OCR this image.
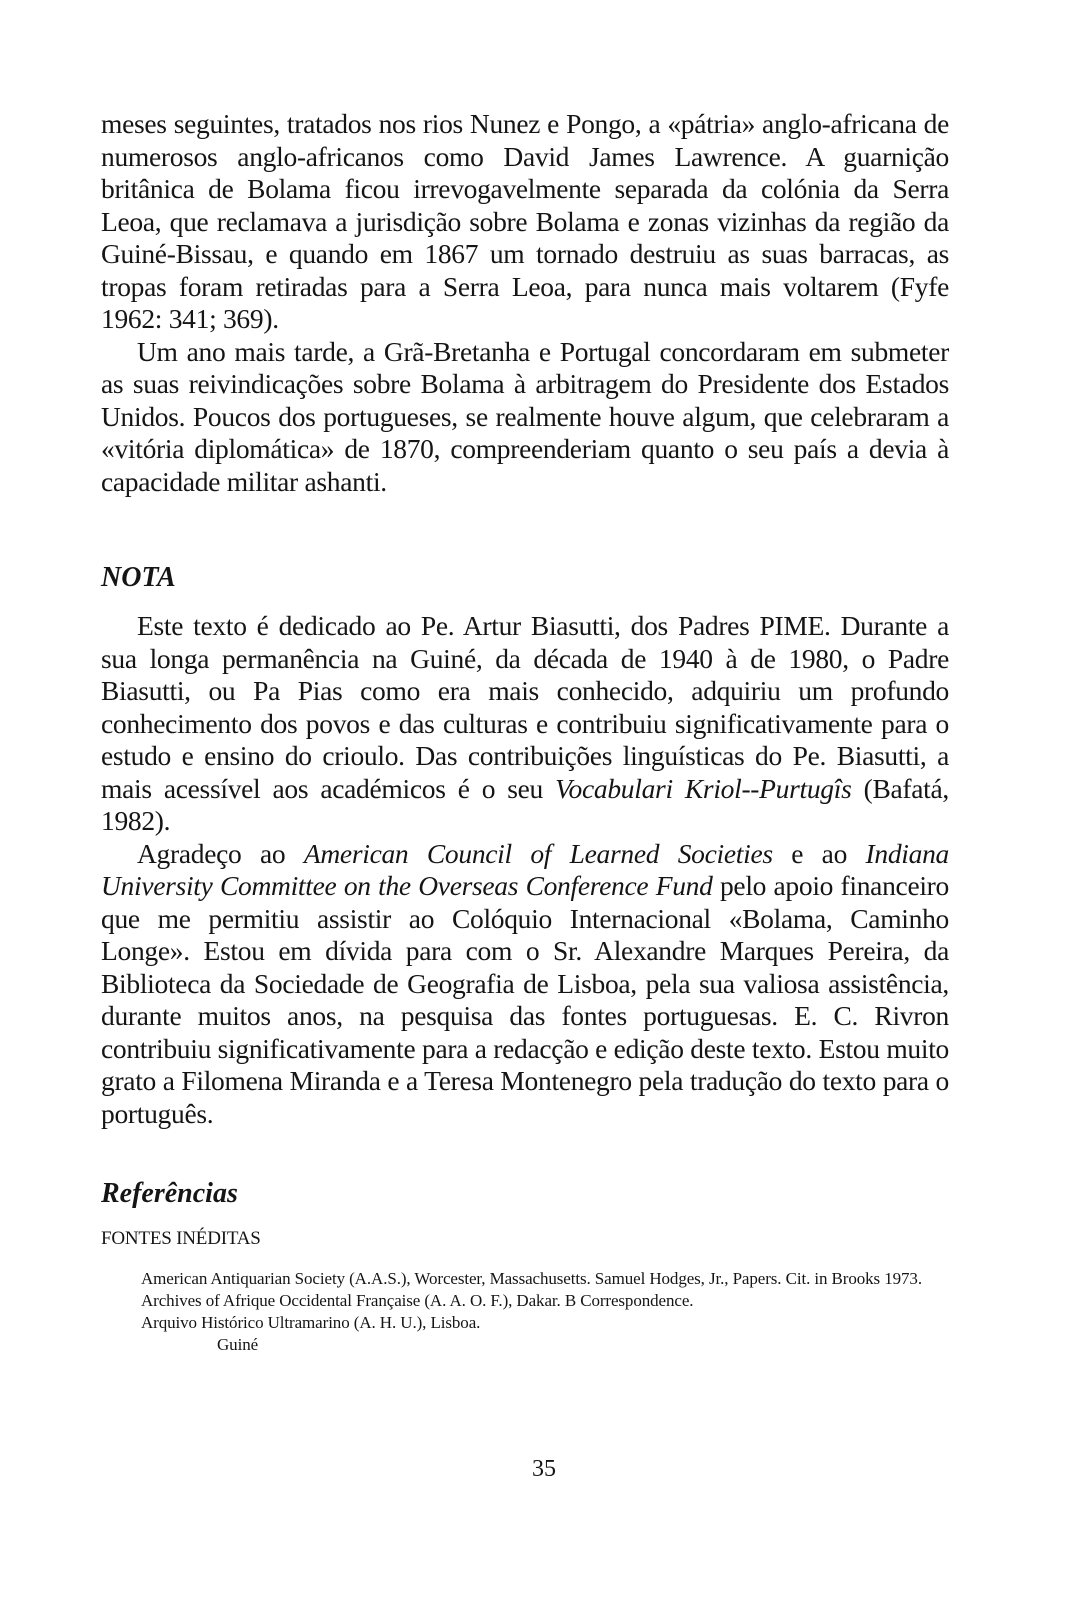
meses seguintes, tratados nos rios Nunez e Pongo, a «pátria» anglo-africana de numerosos anglo-africanos como David James Lawrence. A guarnição britânica de Bolama ficou irrevogavelmente separada da colónia da Serra Leoa, que reclamava a jurisdição sobre Bolama e zonas vizinhas da região da Guiné-Bissau, e quando em 1867 um tornado destruiu as suas barracas, as tropas foram retiradas para a Serra Leoa, para nunca mais voltarem (Fyfe 1962: 341; 369).

Um ano mais tarde, a Grã-Bretanha e Portugal concordaram em submeter as suas reivindicações sobre Bolama à arbitragem do Presidente dos Estados Unidos. Poucos dos portugueses, se realmente houve algum, que celebraram a «vitória diplomática» de 1870, compreenderiam quanto o seu país a devia à capacidade militar ashanti.

NOTA

Este texto é dedicado ao Pe. Artur Biasutti, dos Padres PIME. Durante a sua longa permanência na Guiné, da década de 1940 à de 1980, o Padre Biasutti, ou Pa Pias como era mais conhecido, adquiriu um profundo conhecimento dos povos e das culturas e contribuiu significativamente para o estudo e ensino do crioulo. Das contribuições linguísticas do Pe. Biasutti, a mais acessível aos académicos é o seu Vocabulari Kriol--Purtugîs (Bafatá, 1982).

Agradeço ao American Council of Learned Societies e ao Indiana University Committee on the Overseas Conference Fund pelo apoio financeiro que me permitiu assistir ao Colóquio Internacional «Bolama, Caminho Longe». Estou em dívida para com o Sr. Alexandre Marques Pereira, da Biblioteca da Sociedade de Geografia de Lisboa, pela sua valiosa assistência, durante muitos anos, na pesquisa das fontes portuguesas. E. C. Rivron contribuiu significativamente para a redacção e edição deste texto. Estou muito grato a Filomena Miranda e a Teresa Montenegro pela tradução do texto para o português.

Referências
FONTES INÉDITAS

American Antiquarian Society (A.A.S.), Worcester, Massachusetts. Samuel Hodges, Jr., Papers. Cit. in Brooks 1973.

Archives of Afrique Occidental Française (A. A. O. F.), Dakar. B Correspondence.

Arquivo Histórico Ultramarino (A. H. U.), Lisboa.

Guiné

35
